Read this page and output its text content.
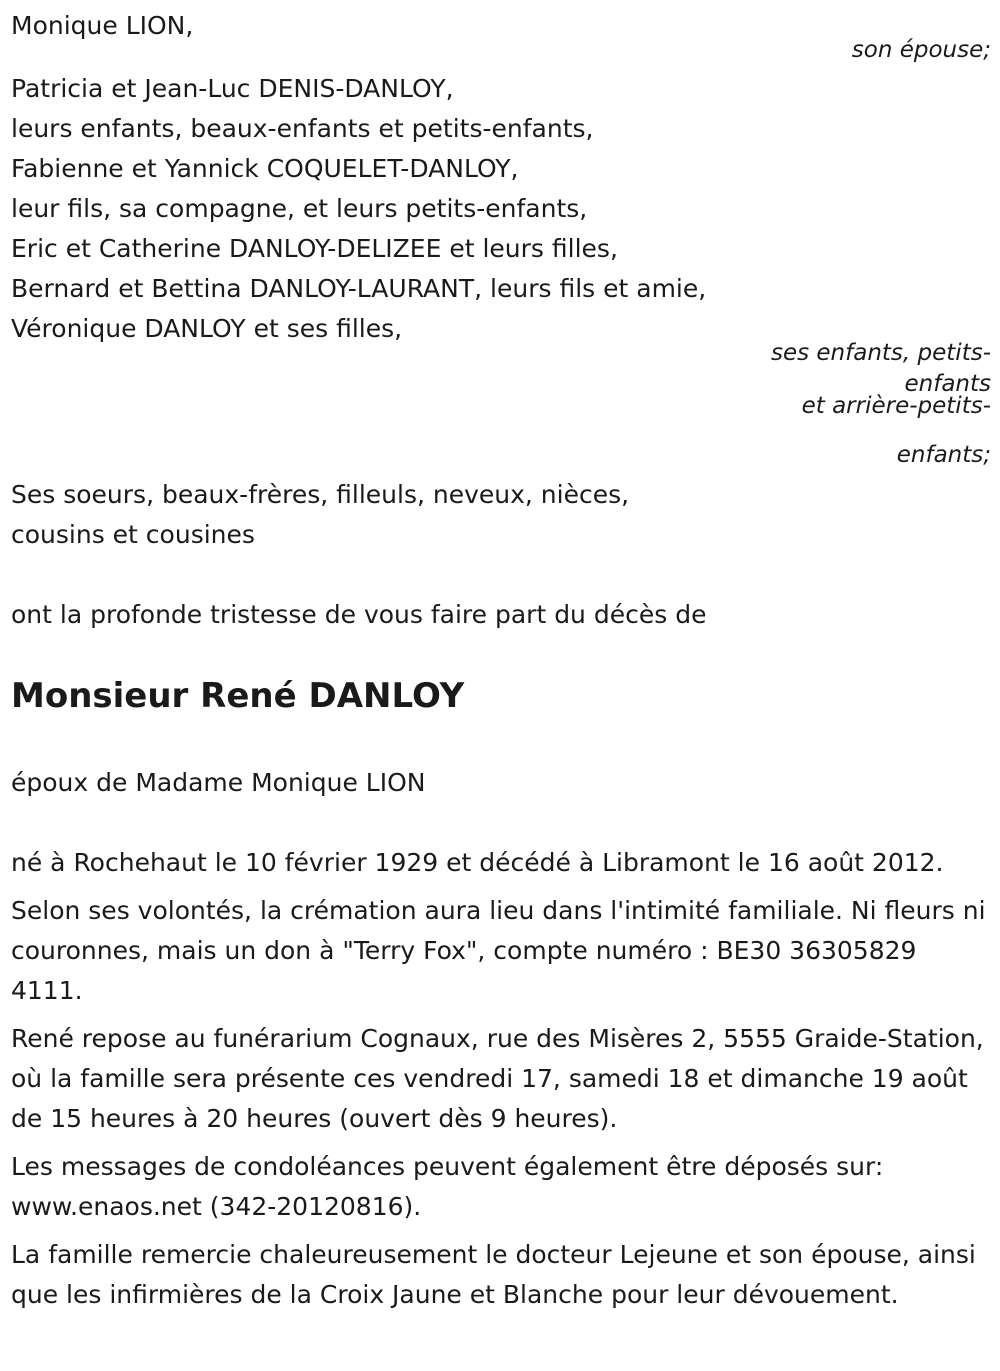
Monique LION,

son épouse;

Patricia et Jean-Luc DENIS-DANLOY,

leurs enfants, beaux-enfants et petits-enfants,

Fabienne et Yannick COQUELET-DANLOY,

leur fils, sa compagne, et leurs petits-enfants,

Eric et Catherine DANLOY-DELIZEE et leurs filles,

Bernard et Bettina DANLOY-LAURANT, leurs fils et amie,

Véronique DANLOY et ses filles,

ses enfants, petits-

enfants

et arrière-petits-

enfants;

Ses soeurs, beaux-frères, filleuls, neveux, nièces,

cousins et cousines

ont la profonde tristesse de vous faire part du décès de

Monsieur René DANLOY

époux de Madame Monique LION

né à Rochehaut le 10 février 1929 et décédé à Libramont le 16 août 2012.

Selon ses volontés, la crémation aura lieu dans l'intimité familiale. Ni fleurs ni couronnes, mais un don à "Terry Fox", compte numéro : BE30 36305829 4111.

René repose au funérarium Cognaux, rue des Misères 2, 5555 Graide-Station, où la famille sera présente ces vendredi 17, samedi 18 et dimanche 19 août de 15 heures à 20 heures (ouvert dès 9 heures).

Les messages de condoléances peuvent également être déposés sur: www.enaos.net (342-20120816).

La famille remercie chaleureusement le docteur Lejeune et son épouse, ainsi que les infirmières de la Croix Jaune et Blanche pour leur dévouement.
